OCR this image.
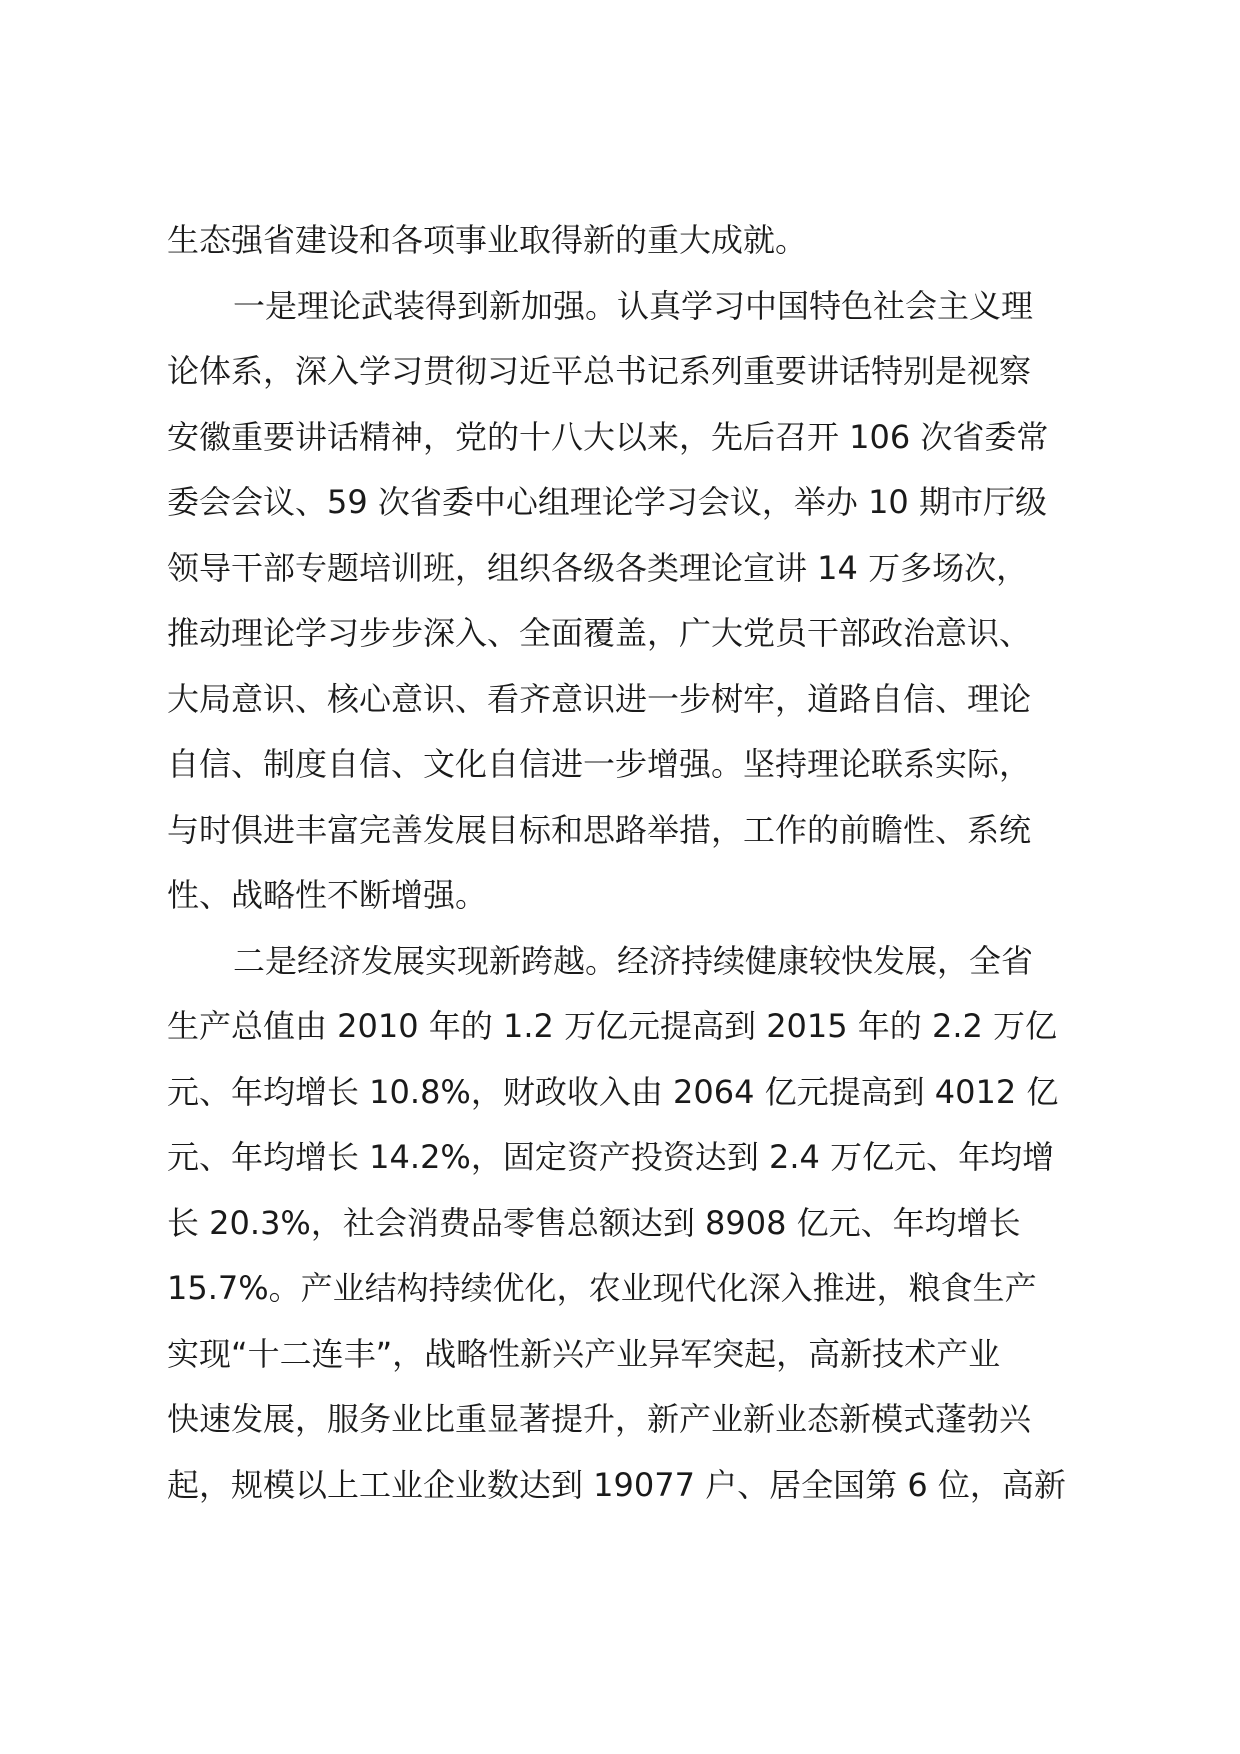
生态强省建设和各项事业取得新的重大成就。
一是理论武装得到新加强。认真学习中国特色社会主义理
论体系，深入学习贯彻习近平总书记系列重要讲话特别是视察
安徽重要讲话精神，党的十八大以来，先后召开 106 次省委常
委会会议、59 次省委中心组理论学习会议，举办 10 期市厅级
领导干部专题培训班，组织各级各类理论宣讲 14 万多场次，
推动理论学习步步深入、全面覆盖，广大党员干部政治意识、
大局意识、核心意识、看齐意识进一步树牢，道路自信、理论
自信、制度自信、文化自信进一步增强。坚持理论联系实际，
与时俱进丰富完善发展目标和思路举措，工作的前瞻性、系统
性、战略性不断增强。
二是经济发展实现新跨越。经济持续健康较快发展，全省
生产总值由 2010 年的 1.2 万亿元提高到 2015 年的 2.2 万亿
元、年均增长 10.8%，财政收入由 2064 亿元提高到 4012 亿
元、年均增长 14.2%，固定资产投资达到 2.4 万亿元、年均增
长 20.3%，社会消费品零售总额达到 8908 亿元、年均增长
15.7%。产业结构持续优化，农业现代化深入推进，粮食生产
实现“十二连丰”，战略性新兴产业异军突起，高新技术产业
快速发展，服务业比重显著提升，新产业新业态新模式蓬勃兴
起，规模以上工业企业数达到 19077 户、居全国第 6 位，高新
